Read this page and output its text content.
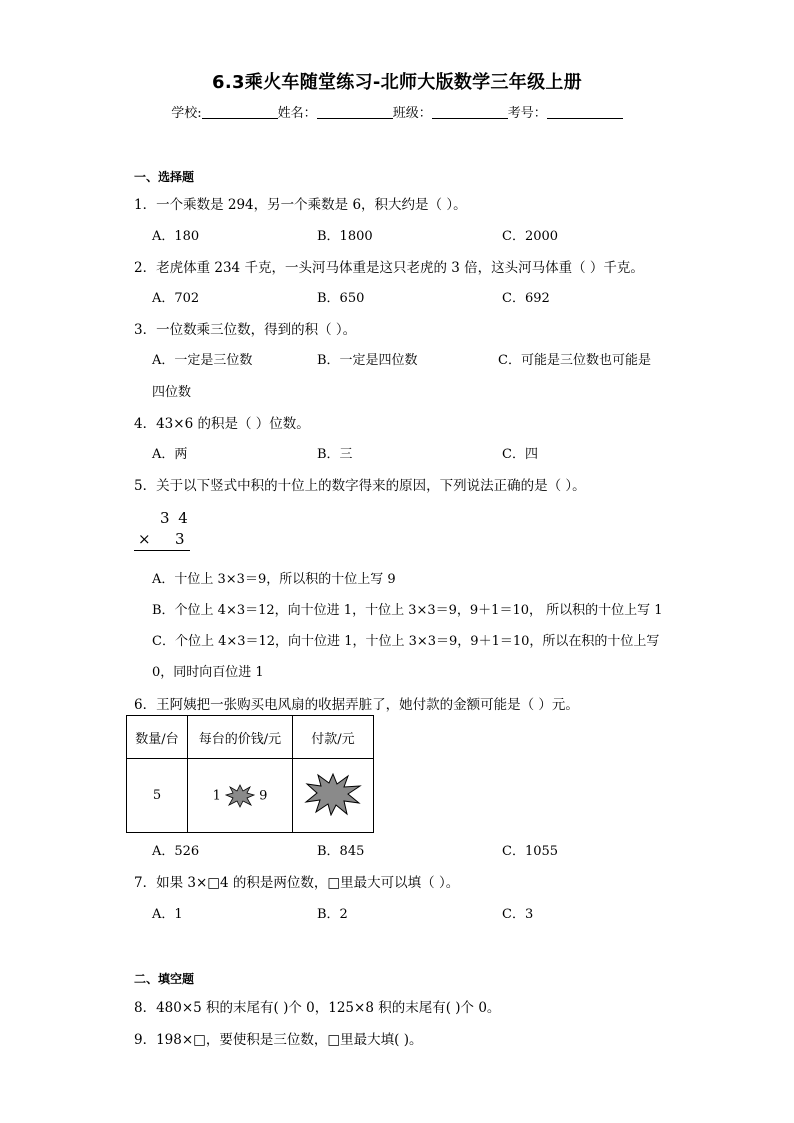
6.3乘火车随堂练习-北师大版数学三年级上册
学校:	姓名：	班级：	考号：
一、选择题
1．一个乘数是 294，另一个乘数是 6，积大约是（ ）。
A．180	B．1800	C．2000
2．老虎体重 234 千克，一头河马体重是这只老虎的 3 倍，这头河马体重（ ）千克。
A．702	B．650	C．692
3．一位数乘三位数，得到的积（ ）。
A．一定是三位数	B．一定是四位数	C．可能是三位数也可能是
四位数
4．43×6 的积是（ ）位数。
A．两	B．三	C．四
5．关于以下竖式中积的十位上的数字得来的原因，下列说法正确的是（ ）。
3 4
× 3
A．十位上 3×3＝9，所以积的十位上写 9
B．个位上 4×3＝12，向十位进 1，十位上 3×3＝9，9＋1＝10， 所以积的十位上写 1
C．个位上 4×3＝12，向十位进 1，十位上 3×3＝9，9＋1＝10，所以在积的十位上写
0，同时向百位进 1
6．王阿姨把一张购买电风扇的收据弄脏了，她付款的金额可能是（ ）元。
数量/台	每台的价钱/元	付款/元
5	1 9	
A．526	B．845	C．1055
7．如果 3×□4 的积是两位数，□里最大可以填（ ）。
A．1	B．2	C．3
二、填空题
8．480×5 积的末尾有( )个 0，125×8 积的末尾有( )个 0。
9．198×□，要使积是三位数，□里最大填( )。
